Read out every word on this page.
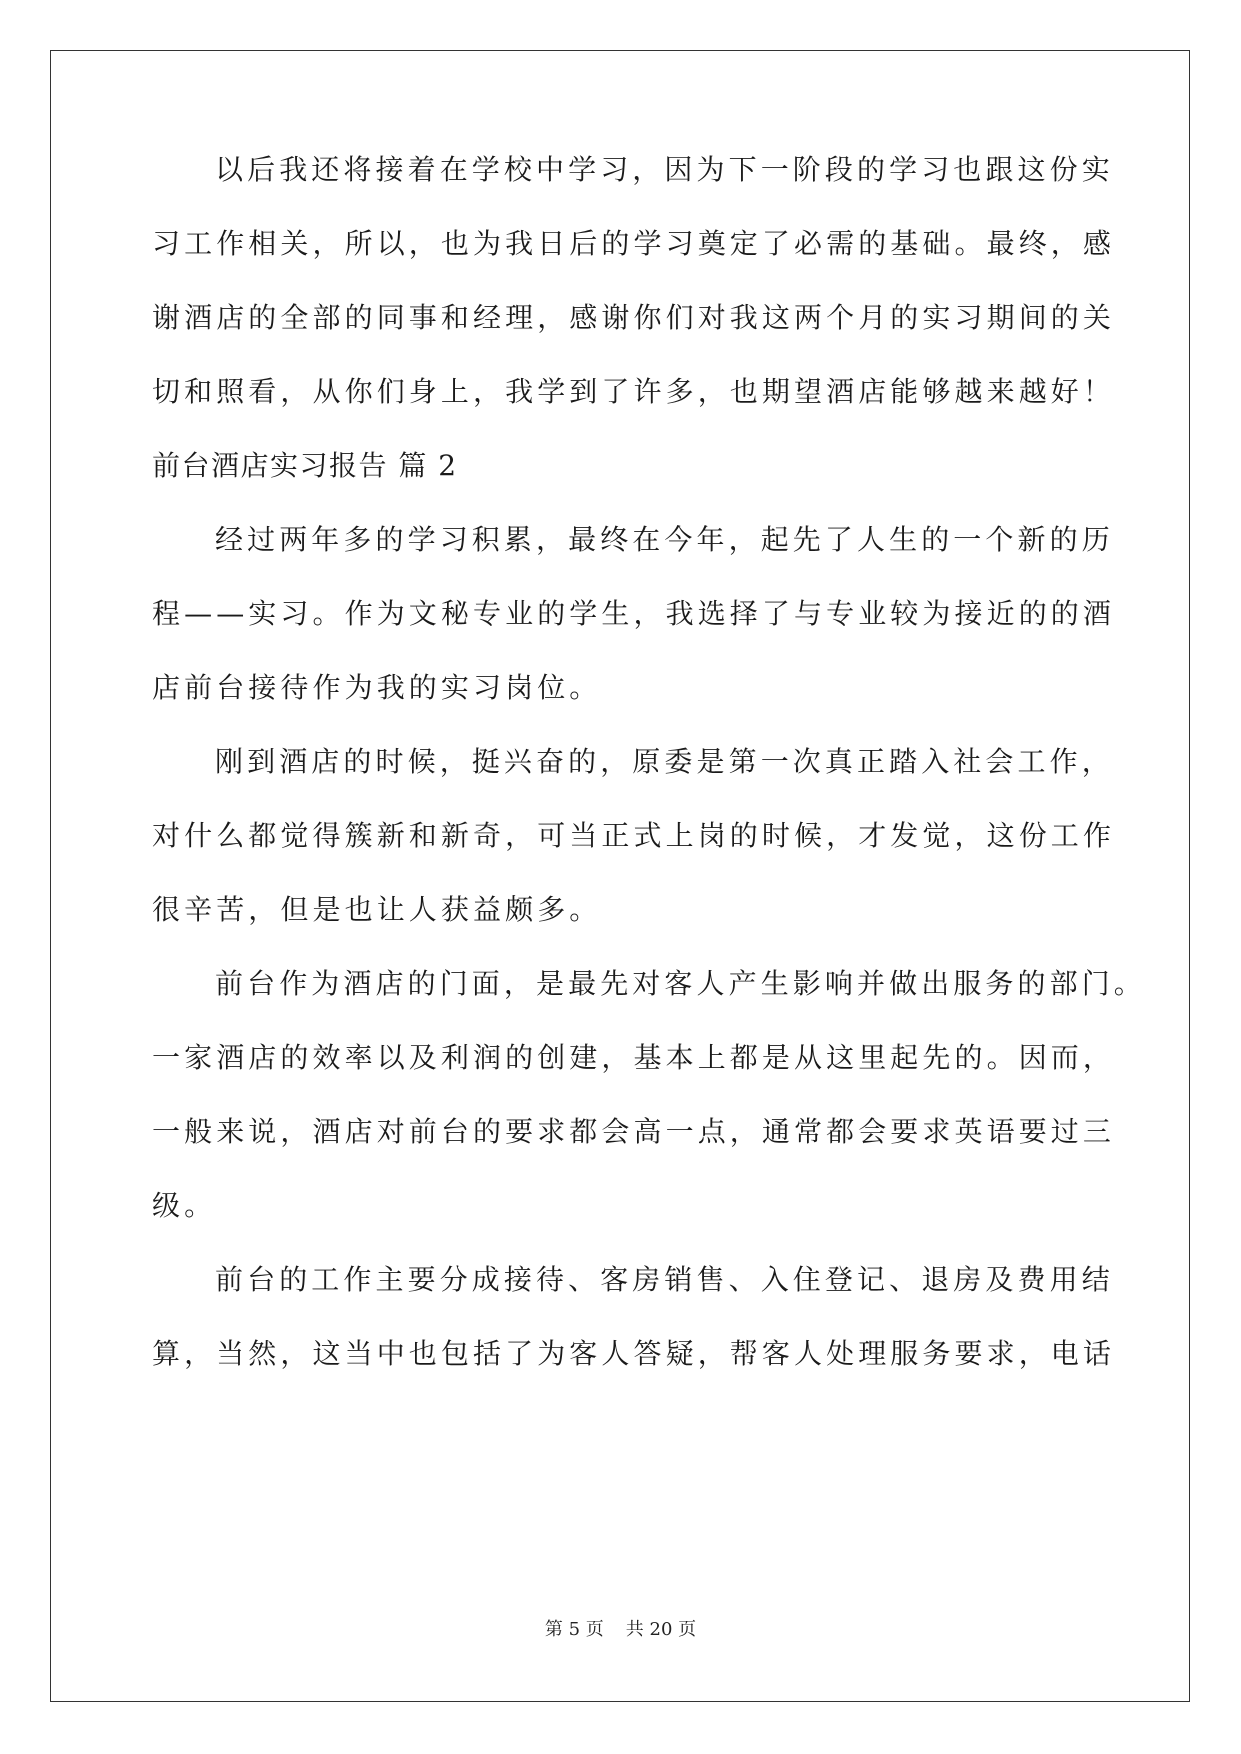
以后我还将接着在学校中学习，因为下一阶段的学习也跟这份实
习工作相关，所以，也为我日后的学习奠定了必需的基础。最终，感
谢酒店的全部的同事和经理，感谢你们对我这两个月的实习期间的关
切和照看，从你们身上，我学到了许多，也期望酒店能够越来越好！
前台酒店实习报告 篇 2
经过两年多的学习积累，最终在今年，起先了人生的一个新的历
程——实习。作为文秘专业的学生，我选择了与专业较为接近的的酒
店前台接待作为我的实习岗位。
刚到酒店的时候，挺兴奋的，原委是第一次真正踏入社会工作，
对什么都觉得簇新和新奇，可当正式上岗的时候，才发觉，这份工作
很辛苦，但是也让人获益颇多。
前台作为酒店的门面，是最先对客人产生影响并做出服务的部门。
一家酒店的效率以及利润的创建，基本上都是从这里起先的。因而，
一般来说，酒店对前台的要求都会高一点，通常都会要求英语要过三
级。
前台的工作主要分成接待、客房销售、入住登记、退房及费用结
算，当然，这当中也包括了为客人答疑，帮客人处理服务要求，电话
第 5 页 共 20 页
